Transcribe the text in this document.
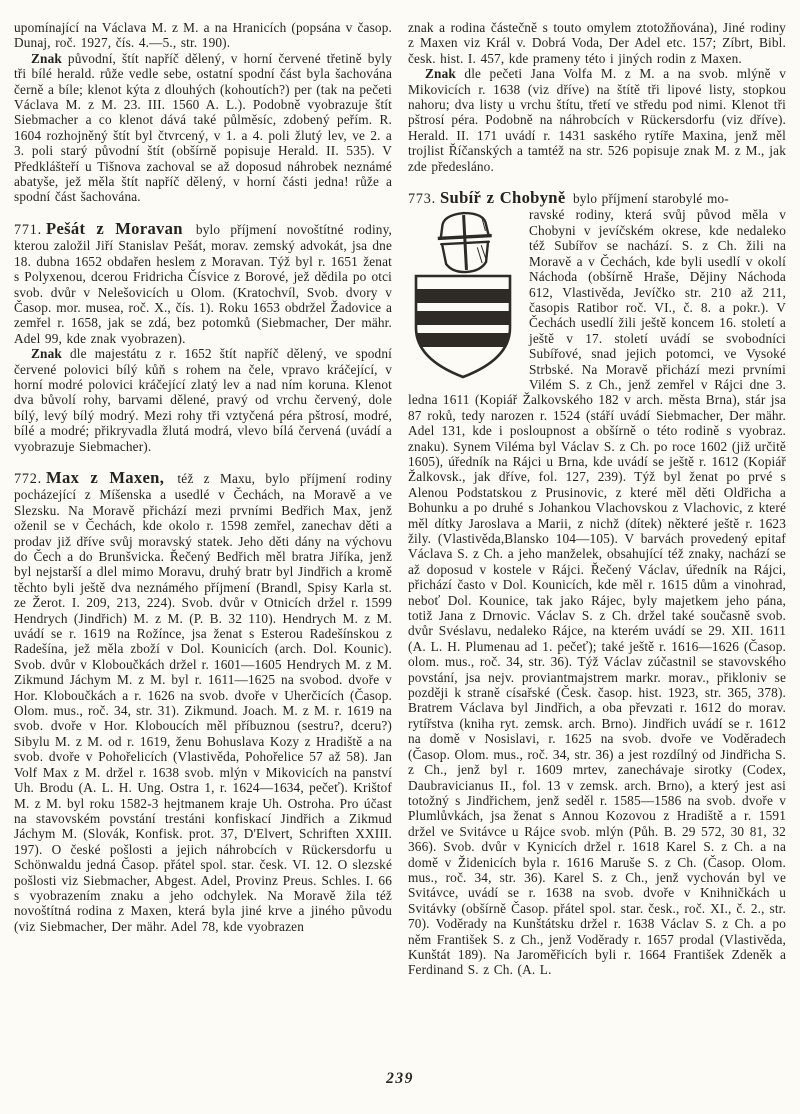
upomínající na Václava M. z M. a na Hranicích (popsána v časop. Dunaj, roč. 1927, čís. 4.—5., str. 190).

Znak původní, štít napříč dělený, v horní červené třetině byly tři bílé herald. růže vedle sebe, ostatní spodní část byla šachována černě a bíle; klenot kýta z dlouhých (kohoutích?) per (tak na pečeti Václava M. z M. 23. III. 1560 A. L.). Podobně vyobrazuje štít Siebmacher a co klenot dává také půlměsíc, zdobený peřím. R. 1604 rozhojněný štít byl čtvrcený, v 1. a 4. poli žlutý lev, ve 2. a 3. poli starý původní štít (obšírně popisuje Herald. II. 535). V Předklášteří u Tišnova zachoval se až doposud náhrobek neznámé abatyše, jež měla štít napříč dělený, v horní části jedna! růže a spodní část šachována.

771. Pešát z Moravan bylo příjmení novoštítné rodiny, kterou založil Jiří Stanislav Pešát, morav. zemský advokát, jsa dne 18. dubna 1652 obdařen heslem z Moravan. Týž byl r. 1651 ženat s Polyxenou, dcerou Fridricha Čísvice z Borové, jež dědila po otci svob. dvůr v Nelešovicích u Olom. (Kratochvíl, Svob. dvory v Časop. mor. musea, roč. X., čís. 1). Roku 1653 obdržel Žadovice a zemřel r. 1658, jak se zdá, bez potomků (Siebmacher, Der mähr. Adel 99, kde znak vyobrazen).

Znak dle majestátu z r. 1652 štít napříč dělený, ve spodní červené polovici bílý kůň s rohem na čele, vpravo kráčející, v horní modré polovici kráčející zlatý lev a nad ním koruna. Klenot dva bůvolí rohy, barvami dělené, pravý od vrchu červený, dole bílý, levý bílý modrý. Mezi rohy tři vztyčená péra pštrosí, modré, bílé a modré; přikryvadla žlutá modrá, vlevo bílá červená (uvádí a vyobrazuje Siebmacher).

772. Max z Maxen, též z Maxu, bylo příjmení rodiny pocházející z Míšenska a usedlé v Čechách, na Moravě a ve Slezsku. Na Moravě přichází mezi prvními Bedřich Max, jenž oženil se v Čechách, kde okolo r. 1598 zemřel, zanechav děti a prodav již dříve svůj moravský statek. Jeho děti dány na výchovu do Čech a do Brunšvicka. Řečený Bedřich měl bratra Jiříka, jenž byl nejstarší a dlel mimo Moravu, druhý bratr byl Jindřich a kromě těchto byli ještě dva neznámého příjmení (Brandl, Spisy Karla st. ze Žerot. I. 209, 213, 224). Svob. dvůr v Otnicích držel r. 1599 Hendrych (Jindřich) M. z M. (P. B. 32 110). Hendrych M. z M. uvádí se r. 1619 na Rožínce, jsa ženat s Esterou Radešínskou z Radešína, jež měla zboží v Dol. Kounicích (arch. Dol. Kounic). Svob. dvůr v Kloboučkách držel r. 1601—1605 Hendrych M. z M. Zikmund Jáchym M. z M. byl r. 1611—1625 na svobod. dvoře v Hor. Kloboučkách a r. 1626 na svob. dvoře v Uherčicích (Časop. Olom. mus., roč. 34, str. 31). Zikmund. Joach. M. z M. r. 1619 na svob. dvoře v Hor. Kloboucích měl příbuznou (sestru?, dceru?) Sibylu M. z M. od r. 1619, ženu Bohuslava Kozy z Hradiště a na svob. dvoře v Pohořelicích (Vlastivěda, Pohořelice 57 až 58). Jan Volf Max z M. držel r. 1638 svob. mlýn v Mikovicích na panství Uh. Brodu (A. L. H. Ung. Ostra 1, r. 1624—1634, pečeť). Krištof M. z M. byl roku 1582-3 hejtmanem kraje Uh. Ostroha. Pro účast na stavovském povstání trestáni konfiskací Jindřich a Zikmud Jáchym M. (Slovák, Konfisk. prot. 37, D'Elvert, Schriften XXIII. 197). O české pošlosti a jejich náhrobcích v Rückersdorfu u Schönwaldu jedná Časop. přátel spol. star. česk. VI. 12. O slezské pošlosti viz Siebmacher, Abgest. Adel, Provinz Preus. Schles. I. 66 s vyobrazením znaku a jeho odchylek. Na Moravě žila též novoštítná rodina z Maxen, která byla jiné krve a jiného původu (viz Siebmacher, Der mähr. Adel 78, kde vyobrazen

znak a rodina částečně s touto omylem ztotožňována), Jiné rodiny z Maxen viz Král v. Dobrá Voda, Der Adel etc. 157; Zíbrt, Bibl. česk. hist. I. 457, kde prameny této i jiných rodin z Maxen.

Znak dle pečeti Jana Volfa M. z M. a na svob. mlýně v Mikovicích r. 1638 (viz dříve) na štítě tři lipové listy, stopkou nahoru; dva listy u vrchu štítu, třetí ve středu pod nimi. Klenot tři pštrosí péra. Podobně na náhrobcích v Rückersdorfu (viz dříve). Herald. II. 171 uvádí r. 1431 saského rytíře Maxina, jenž měl trojlist Říčanských a tamtéž na str. 526 popisuje znak M. z M., jak zde předesláno.

773. Subíř z Chobyně bylo příjmení starobylé mo-

ravské rodiny, která svůj původ měla v Chobyni v jevíčském okrese, kde nedaleko též Subířov se nachází. S. z Ch. žili na Moravě a v Čechách, kde byli usedlí v okolí Náchoda (obšírně Hraše, Dějiny Náchoda 612, Vlastivěda, Jevíčko str. 210 až 211, časopis Ratibor roč. VI., č. 8. a pokr.). V Čechách usedlí žili ještě koncem 16. století a ještě v 17. století uvádí se svobodníci Subířové, snad jejich potomci, ve Vysoké Strbské. Na Moravě přichází mezi prvními Vilém S. z Ch., jenž zemřel v Rájci dne 3. ledna 1611 (Kopiář Žalkovského 182 v arch. města Brna), stár jsa 87 roků, tedy narozen r. 1524 (stáří uvádí Siebmacher, Der mähr. Adel 131, kde i posloupnost a obšírně o této rodině s vyobraz. znaku). Synem Viléma byl Václav S. z Ch. po roce 1602 (již určitě 1605), úředník na Rájci u Brna, kde uvádí se ještě r. 1612 (Kopiář Žalkovsk., jak dříve, fol. 127, 239). Týž byl ženat po prvé s Alenou Podstatskou z Prusinovic, z které měl děti Oldřicha a Bohunku a po druhé s Johankou Vlachovskou z Vlachovic, z které měl dítky Jaroslava a Marii, z nichž (dítek) některé ještě r. 1623 žily. (Vlastivěda,Blansko 104—105). V barvách provedený epitaf Václava S. z Ch. a jeho manželek, obsahující též znaky, nachází se až doposud v kostele v Rájci. Řečený Václav, úředník na Rájci, přichází často v Dol. Kounicích, kde měl r. 1615 dům a vinohrad, neboť Dol. Kounice, tak jako Rájec, byly majetkem jeho pána, totiž Jana z Drnovic. Václav S. z Ch. držel také současně svob. dvůr Svéslavu, nedaleko Rájce, na kterém uvádí se 29. XII. 1611 (A. L. H. Plumenau ad 1. pečeť); také ještě r. 1616—1626 (Časop. olom. mus., roč. 34, str. 36). Týž Václav zúčastnil se stavovského povstání, jsa nejv. proviantmajstrem markr. morav., přikloniv se později k straně císařské (Česk. časop. hist. 1923, str. 365, 378). Bratrem Václava byl Jindřich, a oba převzati r. 1612 do morav. rytířstva (kniha ryt. zemsk. arch. Brno). Jindřich uvádí se r. 1612 na domě v Nosislavi, r. 1625 na svob. dvoře ve Voděradech (Časop. Olom. mus., roč. 34, str. 36) a jest rozdílný od Jindřicha S. z Ch., jenž byl r. 1609 mrtev, zanechávaje sirotky (Codex, Daubravicianus II., fol. 13 v zemsk. arch. Brno), a který jest asi totožný s Jindřichem, jenž seděl r. 1585—1586 na svob. dvoře v Plumlůvkách, jsa ženat s Annou Kozovou z Hradiště a r. 1591 držel ve Svitávce u Rájce svob. mlýn (Půh. B. 29 572, 30 81, 32 366). Svob. dvůr v Kynicích držel r. 1618 Karel S. z Ch. a na domě v Židenicích byla r. 1616 Maruše S. z Ch. (Časop. Olom. mus., roč. 34, str. 36). Karel S. z Ch., jenž vychován byl ve Svitávce, uvádí se r. 1638 na svob. dvoře v Knihničkách u Svitávky (obšírně Časop. přátel spol. star. česk., roč. XI., č. 2., str. 70). Voděrady na Kunštátsku držel r. 1638 Václav S. z Ch. a po něm František S. z Ch., jenž Voděrady r. 1657 prodal (Vlastivěda, Kunštát 189). Na Jaroměřicích byli r. 1664 František Zdeněk a Ferdinand S. z Ch. (A. L.
239
